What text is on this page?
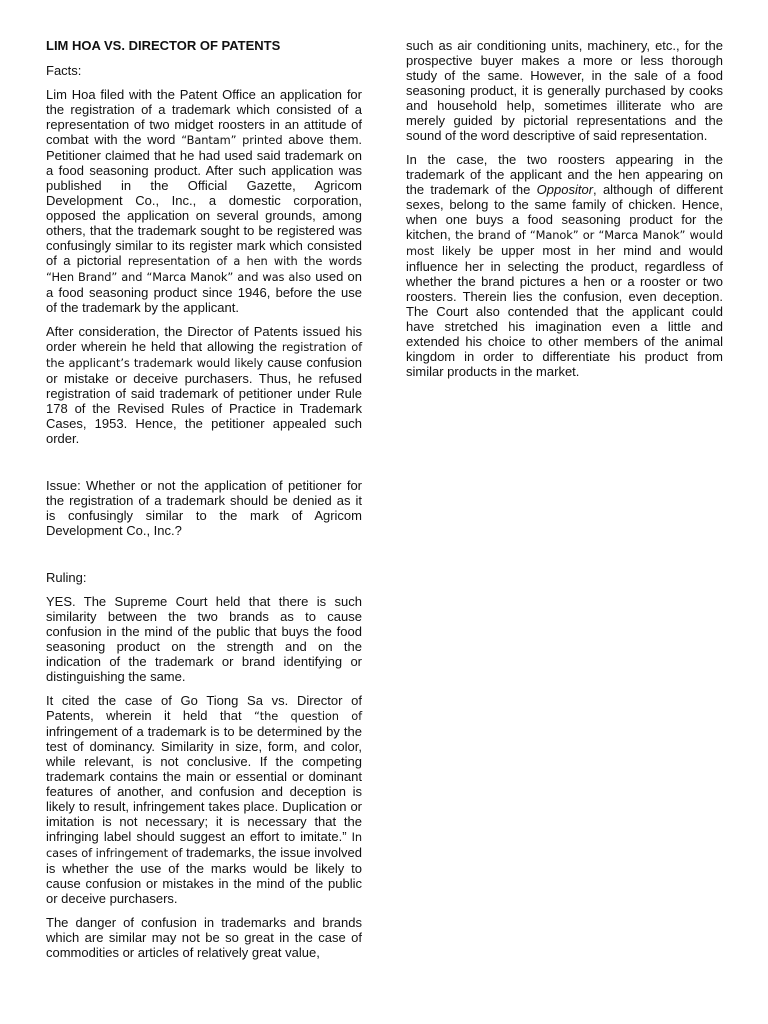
LIM HOA VS. DIRECTOR OF PATENTS

Facts:

Lim Hoa filed with the Patent Office an application for the registration of a trademark which consisted of a representation of two midget roosters in an attitude of combat with the word “Bantam” printed above them. Petitioner claimed that he had used said trademark on a food seasoning product. After such application was published in the Official Gazette, Agricom Development Co., Inc., a domestic corporation, opposed the application on several grounds, among others, that the trademark sought to be registered was confusingly similar to its register mark which consisted of a pictorial representation of a hen with the words “Hen Brand” and “Marca Manok” and was also used on a food seasoning product since 1946, before the use of the trademark by the applicant.

After consideration, the Director of Patents issued his order wherein he held that allowing the registration of the applicant’s trademark would likely cause confusion or mistake or deceive purchasers. Thus, he refused registration of said trademark of petitioner under Rule 178 of the Revised Rules of Practice in Trademark Cases, 1953. Hence, the petitioner appealed such order.

Issue: Whether or not the application of petitioner for the registration of a trademark should be denied as it is confusingly similar to the mark of Agricom Development Co., Inc.?

Ruling:

YES. The Supreme Court held that there is such similarity between the two brands as to cause confusion in the mind of the public that buys the food seasoning product on the strength and on the indication of the trademark or brand identifying or distinguishing the same.

It cited the case of Go Tiong Sa vs. Director of Patents, wherein it held that “the question of infringement of a trademark is to be determined by the test of dominancy. Similarity in size, form, and color, while relevant, is not conclusive. If the competing trademark contains the main or essential or dominant features of another, and confusion and deception is likely to result, infringement takes place. Duplication or imitation is not necessary; it is necessary that the infringing label should suggest an effort to imitate.” In cases of infringement of trademarks, the issue involved is whether the use of the marks would be likely to cause confusion or mistakes in the mind of the public or deceive purchasers.

The danger of confusion in trademarks and brands which are similar may not be so great in the case of commodities or articles of relatively great value,

such as air conditioning units, machinery, etc., for the prospective buyer makes a more or less thorough study of the same. However, in the sale of a food seasoning product, it is generally purchased by cooks and household help, sometimes illiterate who are merely guided by pictorial representations and the sound of the word descriptive of said representation.

In the case, the two roosters appearing in the trademark of the applicant and the hen appearing on the trademark of the Oppositor, although of different sexes, belong to the same family of chicken. Hence, when one buys a food seasoning product for the kitchen, the brand of “Manok” or “Marca Manok” would most likely be upper most in her mind and would influence her in selecting the product, regardless of whether the brand pictures a hen or a rooster or two roosters. Therein lies the confusion, even deception. The Court also contended that the applicant could have stretched his imagination even a little and extended his choice to other members of the animal kingdom in order to differentiate his product from similar products in the market.
